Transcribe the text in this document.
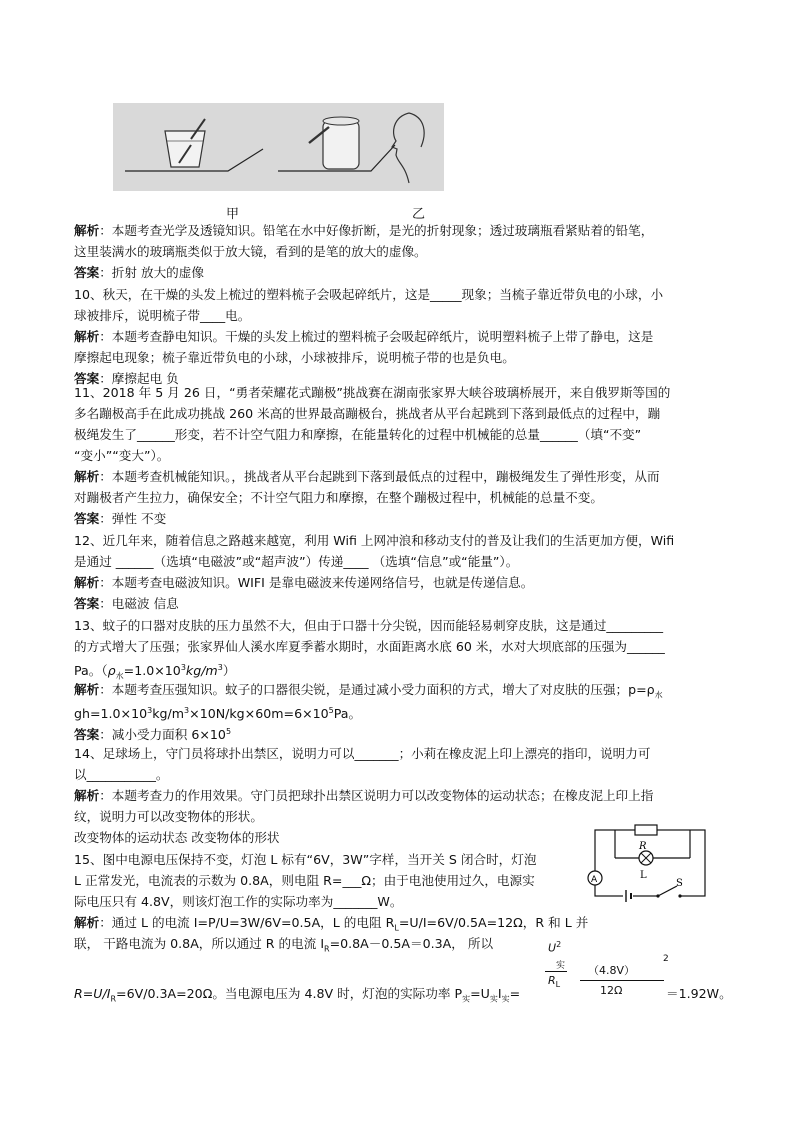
甲	乙
解析：本题考查光学及透镜知识。铅笔在水中好像折断，是光的折射现象；透过玻璃瓶看紧贴着的铅笔，
这里装满水的玻璃瓶类似于放大镜，看到的是笔的放大的虚像。
答案：折射 放大的虚像
10、秋天，在干燥的头发上梳过的塑料梳子会吸起碎纸片，这是_____现象；当梳子靠近带负电的小球，小
球被排斥，说明梳子带____电。
解析：本题考查静电知识。干燥的头发上梳过的塑料梳子会吸起碎纸片，说明塑料梳子上带了静电，这是
摩擦起电现象；梳子靠近带负电的小球，小球被排斥，说明梳子带的也是负电。
答案：摩擦起电 负
11、2018 年 5 月 26 日，“勇者荣耀花式蹦极”挑战赛在湖南张家界大峡谷玻璃桥展开，来自俄罗斯等国的
多名蹦极高手在此成功挑战 260 米高的世界最高蹦极台，挑战者从平台起跳到下落到最低点的过程中，蹦
极绳发生了______形变，若不计空气阻力和摩擦，在能量转化的过程中机械能的总量______（填“不变”
“变小”“变大”）。
解析：本题考查机械能知识。，挑战者从平台起跳到下落到最低点的过程中，蹦极绳发生了弹性形变，从而
对蹦极者产生拉力，确保安全；不计空气阻力和摩擦，在整个蹦极过程中，机械能的总量不变。
答案：弹性 不变
12、近几年来，随着信息之路越来越宽，利用 Wifi 上网冲浪和移动支付的普及让我们的生活更加方便，Wifi
是通过 ______（选填“电磁波”或“超声波”）传递____ （选填“信息”或“能量”）。
解析：本题考查电磁波知识。WIFI 是靠电磁波来传递网络信号，也就是传递信息。
答案：电磁波 信息
13、蚊子的口器对皮肤的压力虽然不大，但由于口器十分尖锐，因而能轻易刺穿皮肤，这是通过_________
的方式增大了压强；张家界仙人溪水库夏季蓄水期时，水面距离水底 60 米，水对大坝底部的压强为______
Pa。$(\rho_水=1.0\times 10^3kg/m^3)$
解析：本题考查压强知识。蚊子的口器很尖锐，是通过减小受力面积的方式，增大了对皮肤的压强；$p=\rho_水$
$gh=1.0\times 10^3kg/m^3\times 10N/kg\times 60m=6\times 10^5Pa$。
答案：减小受力面积 $6\times 10^5$
14、足球场上，守门员将球扑出禁区，说明力可以_______；小莉在橡皮泥上印上漂亮的指印，说明力可
以___________。
解析：本题考查力的作用效果。守门员把球扑出禁区说明力可以改变物体的运动状态；在橡皮泥上印上指
纹，说明力可以改变物体的形状。
改变物体的运动状态 改变物体的形状
15、图中电源电压保持不变，灯泡 L 标有“6V，3W”字样，当开关 S 闭合时，灯泡
L 正常发光，电流表的示数为 0.8A，则电阻 R=___Ω；由于电池使用过久，电源实
际电压只有 4.8V，则该灯泡工作的实际功率为_______W。
解析：通过 L 的电流 I=P/U=3W/6V=0.5A，L 的电阻 $R_L=U/I=6V/0.5A=12\Omega$，R 和 L 并
联， 干路电流为 0.8A，所以通过 R 的电流 $I_R=0.8A-0.5A=0.3A$， 所以
$R=U/I_R=6V/0.3A=20\Omega$。当电源电压为 4.8V 时，灯泡的实际功率 $P_实=U_实I_实=$
$U^2$
实
$R_L$
（4.8V）
2
12Ω	＝1.92W。
R
L
S
A
